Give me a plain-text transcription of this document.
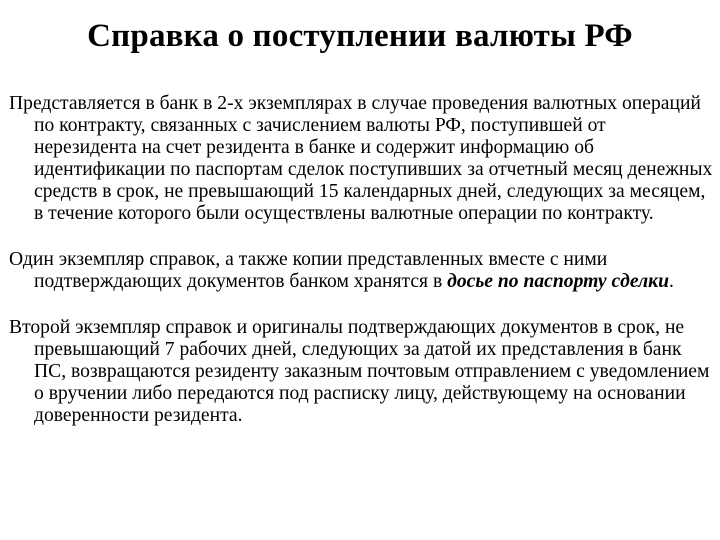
Справка о поступлении валюты РФ

Представляется в банк в 2-х экземплярах в случае проведения валютных операций по контракту, связанных с зачислением валюты РФ, поступившей от нерезидента на счет резидента в банке и содержит информацию об идентификации по паспортам сделок поступивших за отчетный месяц денежных средств в срок, не превышающий 15 календарных дней, следующих за месяцем, в течение которого были осуществлены валютные операции по контракту.

Один экземпляр справок, а также копии представленных вместе с ними подтверждающих документов банком хранятся в досье по паспорту сделки.

Второй экземпляр справок и оригиналы подтверждающих документов в срок, не превышающий 7 рабочих дней, следующих за датой их представления в банк ПС, возвращаются резиденту заказным почтовым отправлением с уведомлением о вручении либо передаются под расписку лицу, действующему на основании доверенности резидента.
